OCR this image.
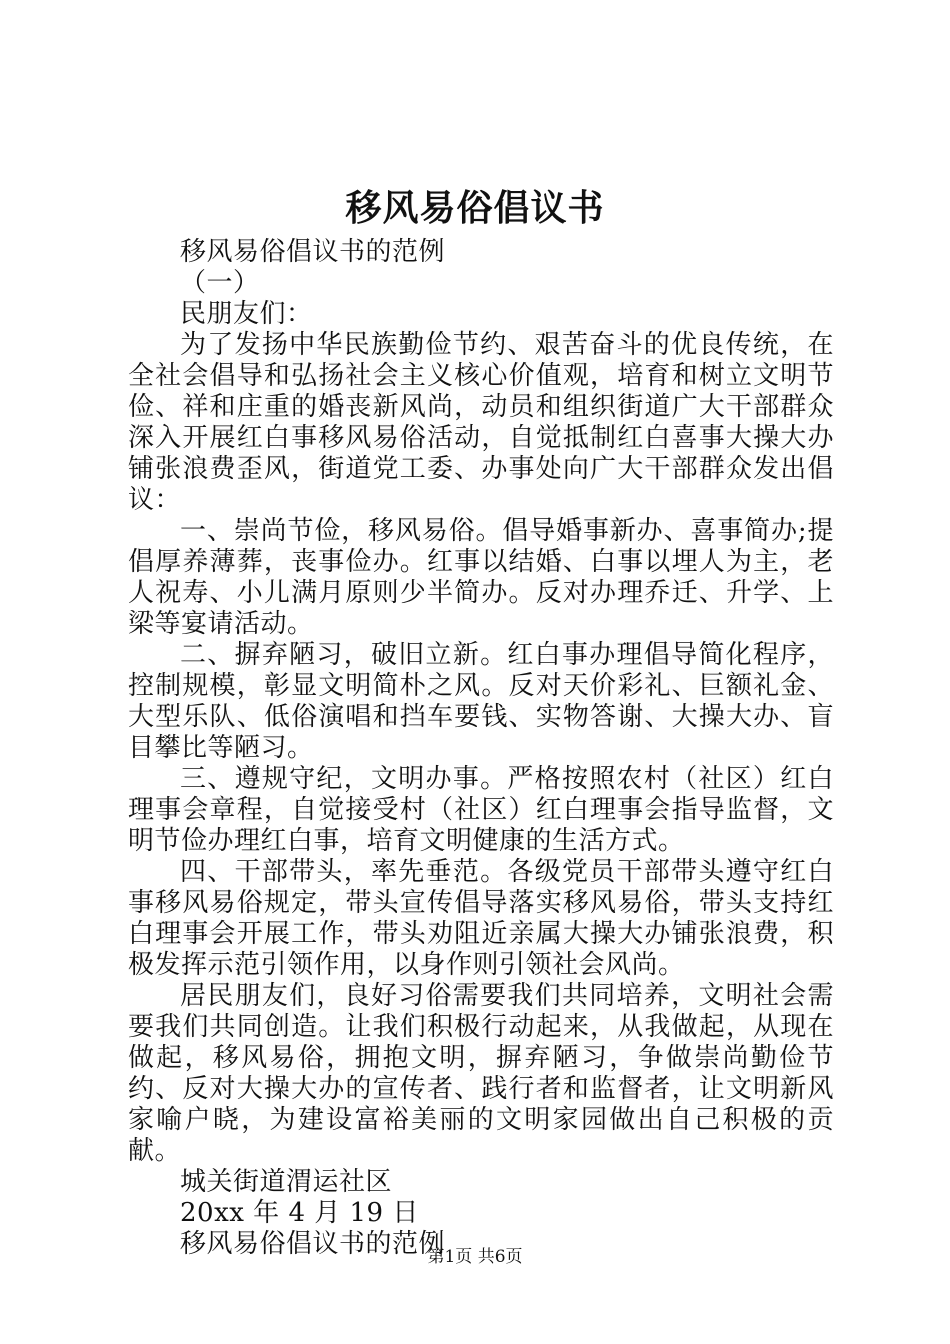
移风易俗倡议书

移风易俗倡议书的范例

（一）

民朋友们：

为了发扬中华民族勤俭节约、艰苦奋斗的优良传统，在全社会倡导和弘扬社会主义核心价值观，培育和树立文明节俭、祥和庄重的婚丧新风尚，动员和组织街道广大干部群众深入开展红白事移风易俗活动，自觉抵制红白喜事大操大办铺张浪费歪风，街道党工委、办事处向广大干部群众发出倡议：

一、崇尚节俭，移风易俗。倡导婚事新办、喜事简办;提倡厚养薄葬，丧事俭办。红事以结婚、白事以埋人为主，老人祝寿、小儿满月原则少半简办。反对办理乔迁、升学、上梁等宴请活动。

二、摒弃陋习，破旧立新。红白事办理倡导简化程序，控制规模，彰显文明简朴之风。反对天价彩礼、巨额礼金、大型乐队、低俗演唱和挡车要钱、实物答谢、大操大办、盲目攀比等陋习。

三、遵规守纪，文明办事。严格按照农村（社区）红白理事会章程，自觉接受村（社区）红白理事会指导监督，文明节俭办理红白事，培育文明健康的生活方式。

四、干部带头，率先垂范。各级党员干部带头遵守红白事移风易俗规定，带头宣传倡导落实移风易俗，带头支持红白理事会开展工作，带头劝阻近亲属大操大办铺张浪费，积极发挥示范引领作用，以身作则引领社会风尚。

居民朋友们，良好习俗需要我们共同培养，文明社会需要我们共同创造。让我们积极行动起来，从我做起，从现在做起，移风易俗，拥抱文明，摒弃陋习，争做崇尚勤俭节约、反对大操大办的宣传者、践行者和监督者，让文明新风家喻户晓，为建设富裕美丽的文明家园做出自己积极的贡献。

城关街道渭运社区

20xx 年 4 月 19 日

移风易俗倡议书的范例

第1页 共6页
